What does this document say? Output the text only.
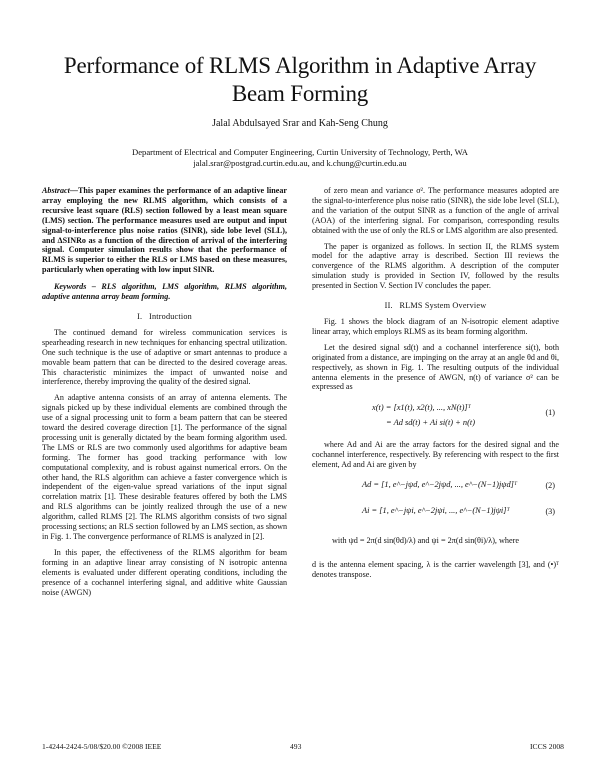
Performance of RLMS Algorithm in Adaptive Array Beam Forming
Jalal Abdulsayed Srar and Kah-Seng Chung
Department of Electrical and Computer Engineering, Curtin University of Technology, Perth, WA
jalal.srar@postgrad.curtin.edu.au, and k.chung@curtin.edu.au
Abstract—This paper examines the performance of an adaptive linear array employing the new RLMS algorithm, which consists of a recursive least square (RLS) section followed by a least mean square (LMS) section. The performance measures used are output and input signal-to-interference plus noise ratios (SINR), side lobe level (SLL), and ΔSINRo as a function of the direction of arrival of the interfering signal. Computer simulation results show that the performance of RLMS is superior to either the RLS or LMS based on these measures, particularly when operating with low input SINR.
Keywords – RLS algorithm, LMS algorithm, RLMS algorithm, adaptive antenna array beam forming.
I. Introduction

The continued demand for wireless communication services is spearheading research in new techniques for enhancing spectral utilization. One such technique is the use of adaptive or smart antennas to produce a movable beam pattern that can be directed to the desired coverage areas. This characteristic minimizes the impact of unwanted noise and interference, thereby improving the quality of the desired signal.

An adaptive antenna consists of an array of antenna elements. The signals picked up by these individual elements are combined through the use of a signal processing unit to form a beam pattern that can be steered toward the desired coverage direction [1]. The performance of the signal processing unit is generally dictated by the beam forming algorithm used. The LMS or RLS are two commonly used algorithms for adaptive beam forming. The former has good tracking performance with low computational complexity, and is robust against numerical errors. On the other hand, the RLS algorithm can achieve a faster convergence which is independent of the eigen-value spread variations of the input signal correlation matrix [1]. These desirable features offered by both the LMS and RLS algorithms can be jointly realized through the use of a new algorithm, called RLMS [2]. The RLMS algorithm consists of two signal processing sections; an RLS section followed by an LMS section, as shown in Fig. 1. The convergence performance of RLMS is analyzed in [2].

In this paper, the effectiveness of the RLMS algorithm for beam forming in an adaptive linear array consisting of N isotropic antenna elements is evaluated under different operating conditions, including the presence of a cochannel interfering signal, and additive white Gaussian noise (AWGN)

of zero mean and variance σ². The performance measures adopted are the signal-to-interference plus noise ratio (SINR), the side lobe level (SLL), and the variation of the output SINR as a function of the angle of arrival (AOA) of the interfering signal. For comparison, corresponding results obtained with the use of only the RLS or LMS algorithm are also presented.

The paper is organized as follows. In section II, the RLMS system model for the adaptive array is described. Section III reviews the convergence of the RLMS algorithm. A description of the computer simulation study is provided in Section IV, followed by the results presented in Section V. Section IV concludes the paper.

II. RLMS System Overview

Fig. 1 shows the block diagram of an N-isotropic element adaptive linear array, which employs RLMS as its beam forming algorithm.

Let the desired signal sd(t) and a cochannel interference si(t), both originated from a distance, are impinging on the array at an angle θd and θi, respectively, as shown in Fig. 1. The resulting outputs of the individual antenna elements in the presence of AWGN, n(t) of variance σ² can be expressed as

x(t) = [x1(t), x2(t), ..., xN(t)]ᵀ
= Ad sd(t) + Ai si(t) + n(t)
(1)

where Ad and Ai are the array factors for the desired signal and the cochannel interference, respectively. By referencing with respect to the first element, Ad and Ai are given by

Ad = [1, e^−jψd, e^−2jψd, ..., e^−(N−1)jψd]ᵀ	(2)
Ai = [1, e^−jψi, e^−2jψi, ..., e^−(N−1)jψi]ᵀ	(3)
with ψd = 2π(d sin(θd)/λ) and ψi = 2π(d sin(θi)/λ), where

d is the antenna element spacing, λ is the carrier wavelength [3], and (•)ᵀ denotes transpose.

1-4244-2424-5/08/$20.00 ©2008 IEEE	493	ICCS 2008
